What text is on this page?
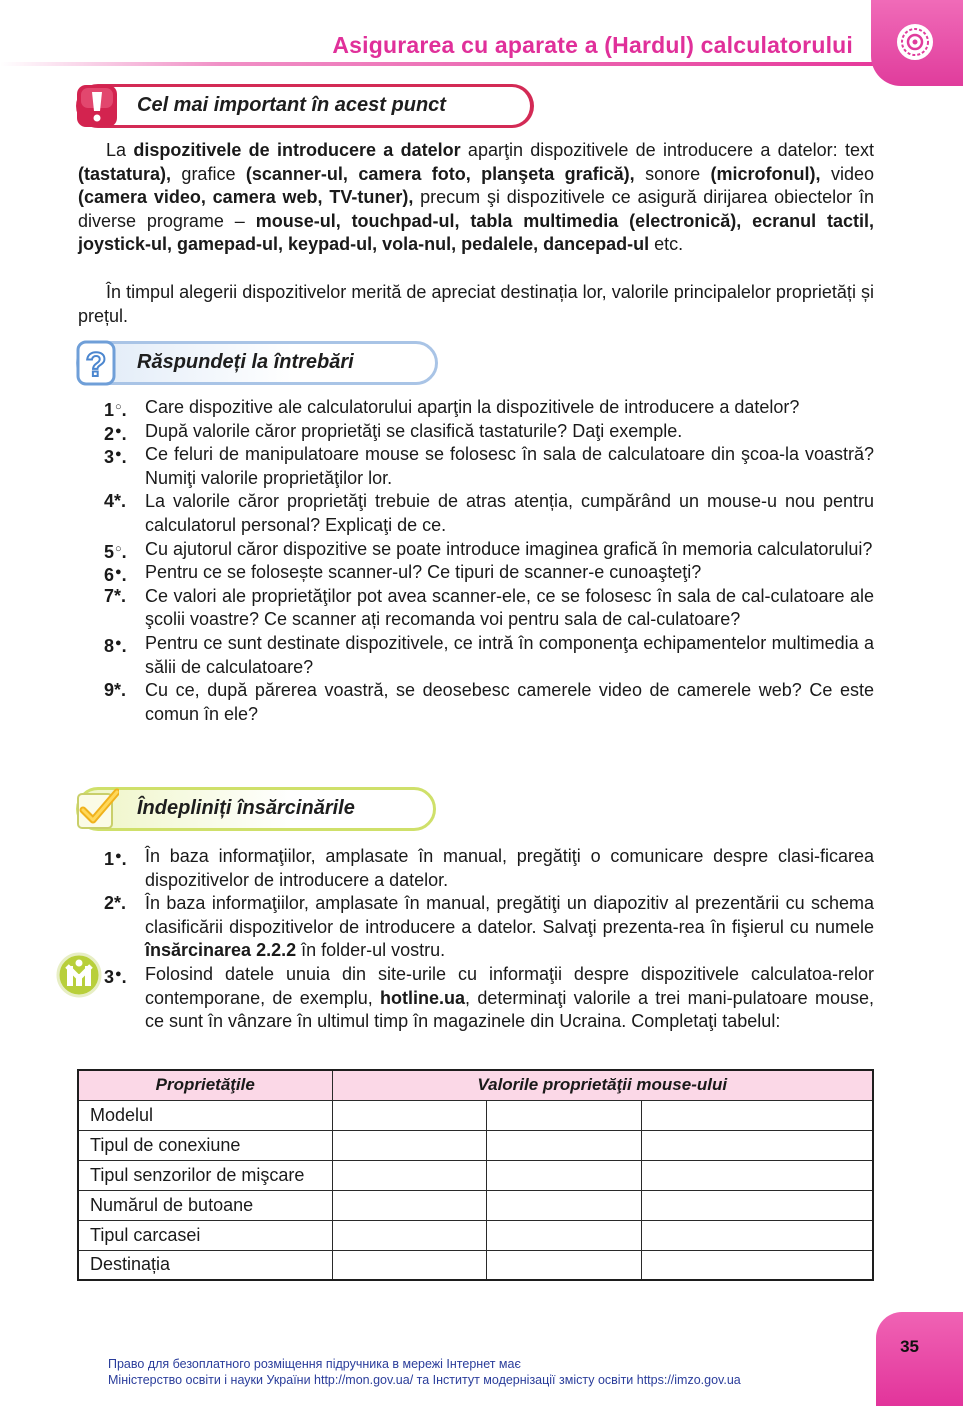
Asigurarea cu aparate a (Hardul) calculatorului
Cel mai important în acest punct
La dispozitivele de introducere a datelor aparţin dispozitivele de introducere a datelor: text (tastatura), grafice (scanner-ul, camera foto, planşeta grafică), sonore (microfonul), video (camera video, camera web, TV-tuner), precum şi dispozitivele ce asigură dirijarea obiectelor în diverse programe – mouse-ul, touchpad-ul, tabla multimedia (electronică), ecranul tactil, joystick-ul, gamepad-ul, keypad-ul, vola-nul, pedalele, dancepad-ul etc.
În timpul alegerii dispozitivelor merită de apreciat destinația lor, valorile principalelor proprietăți și prețul.
? Răspundeți la întrebări
1○. Care dispozitive ale calculatorului aparţin la dispozitivele de introducere a datelor?
2●. După valorile căror proprietăţi se clasifică tastaturile? Daţi exemple.
3●. Ce feluri de manipulatoare mouse se folosesc în sala de calculatoare din şcoa-la voastră? Numiţi valorile proprietăţilor lor.
4*. La valorile căror proprietăţi trebuie de atras atenția, cumpărând un mouse-u nou pentru calculatorul personal? Explicaţi de ce.
5○. Cu ajutorul căror dispozitive se poate introduce imaginea grafică în memoria calculatorului?
6●. Pentru ce se folosește scanner-ul? Ce tipuri de scanner-e cunoaşteţi?
7*. Ce valori ale proprietăţilor pot avea scanner-ele, ce se folosesc în sala de cal-culatoare ale şcolii voastre? Ce scanner ați recomanda voi pentru sala de cal-culatoare?
8●. Pentru ce sunt destinate dispozitivele, ce intră în componenţa echipamentelor multimedia a sălii de calculatoare?
9*. Cu ce, după părerea voastră, se deosebesc camerele video de camerele web? Ce este comun în ele?
Îndepliniți însărcinările
1●. În baza informaţiilor, amplasate în manual, pregătiţi o comunicare despre clasi-ficarea dispozitivelor de introducere a datelor.
2*. În baza informaţiilor, amplasate în manual, pregătiţi un diapozitiv al prezentării cu schema clasificării dispozitivelor de introducere a datelor. Salvaţi prezenta-rea în fişierul cu numele însărcinarea 2.2.2 în folder-ul vostru.
3●. Folosind datele unuia din site-urile cu informaţii despre dispozitivele calculatoa-relor contemporane, de exemplu, hotline.ua, determinaţi valorile a trei mani-pulatoare mouse, ce sunt în vânzare în ultimul timp în magazinele din Ucraina. Completaţi tabelul:
Proprietăţile	Valorile proprietăţii mouse-ului		
Modelul			
Tipul de conexiune			
Tipul senzorilor de mişcare			
Numărul de butoane			
Tipul carcasei			
Destinația			
35
Право для безоплатного розміщення підручника в мережі Інтернет має
Міністерство освіти і науки України http://mon.gov.ua/ та Інститут модернізації змісту освіти https://imzo.gov.ua
